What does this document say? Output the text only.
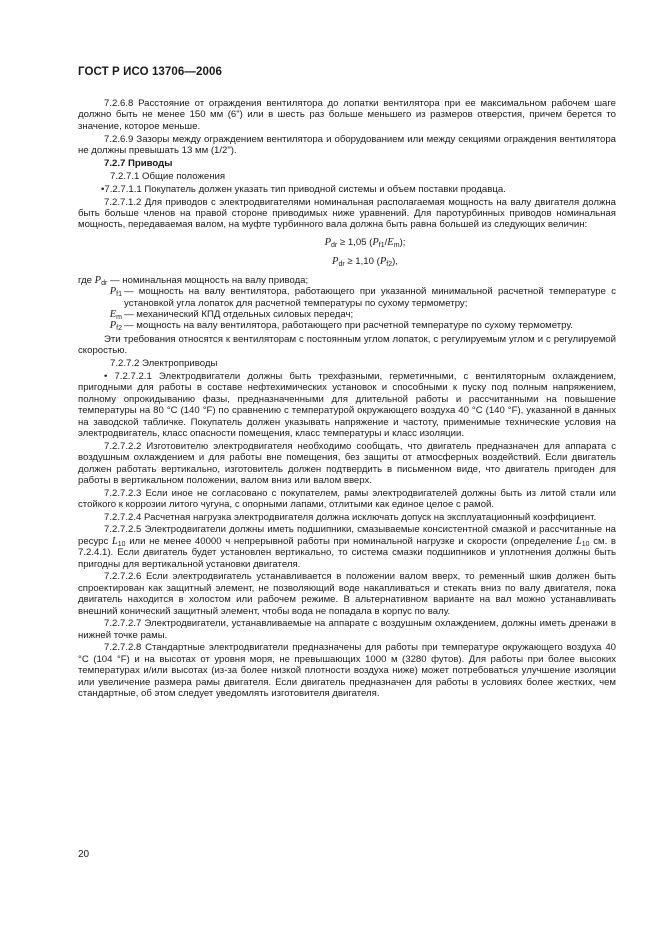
ГОСТ Р ИСО 13706—2006

7.2.6.8 Расстояние от ограждения вентилятора до лопатки вентилятора при ее максимальном рабочем шаге должно быть не менее 150 мм (6") или в шесть раз больше меньшего из размеров отверстия, причем берется то значение, которое меньше.

7.2.6.9 Зазоры между ограждением вентилятора и оборудованием или между секциями ограждения вентилятора не должны превышать 13 мм (1/2").

7.2.7 Приводы
7.2.7.1 Общие положения
•7.2.7.1.1 Покупатель должен указать тип приводной системы и объем поставки продавца.

7.2.7.1.2 Для приводов с электродвигателями номинальная располагаемая мощность на валу двигателя должна быть больше членов на правой стороне приводимых ниже уравнений. Для паротурбинных приводов номинальная мощность, передаваемая валом, на муфте турбинного вала должна быть равна большей из следующих величин:

$P_{dr} \ge 1,05$ $(P_{f1}/E_m)$;
$P_{dr} \ge 1,10$ $(P_{f2})$,
где $P_{dr}$ — номинальная мощность на валу привода;
$P_{f1}$ — мощность на валу вентилятора, работающего при указанной минимальной расчетной температуре с установкой угла лопаток для расчетной температуры по сухому термометру;
$E_m$ — механический КПД отдельных силовых передач;
$P_{f2}$ — мощность на валу вентилятора, работающего при расчетной температуре по сухому термометру.

Эти требования относятся к вентиляторам с постоянным углом лопаток, с регулируемым углом и с регулируемой скоростью.

7.2.7.2 Электроприводы

• 7.2.7.2.1 Электродвигатели должны быть трехфазными, герметичными, с вентиляторным охлаждением, пригодными для работы в составе нефтехимических установок и способными к пуску под полным напряжением, полному опрокидыванию фазы, предназначенными для длительной работы и рассчитанными на повышение температуры на 80 °C (140 °F) по сравнению с температурой окружающего воздуха 40 °C (140 °F), указанной в данных на заводской табличке. Покупатель должен указывать напряжение и частоту, применимые технические условия на электродвигатель, класс опасности помещения, класс температуры и класс изоляции.

7.2.7.2.2 Изготовителю электродвигателя необходимо сообщать, что двигатель предназначен для аппарата с воздушным охлаждением и для работы вне помещения, без защиты от атмосферных воздействий. Если двигатель должен работать вертикально, изготовитель должен подтвердить в письменном виде, что двигатель пригоден для работы в вертикальном положении, валом вниз или валом вверх.

7.2.7.2.3 Если иное не согласовано с покупателем, рамы электродвигателей должны быть из литой стали или стойкого к коррозии литого чугуна, с опорными лапами, отлитыми как единое целое с рамой.

7.2.7.2.4 Расчетная нагрузка электродвигателя должна исключать допуск на эксплуатационный коэффициент.

7.2.7.2.5 Электродвигатели должны иметь подшипники, смазываемые консистентной смазкой и рассчитанные на ресурс $L_{10}$ или не менее 40000 ч непрерывной работы при номинальной нагрузке и скорости (определение $L_{10}$ см. в 7.2.4.1). Если двигатель будет установлен вертикально, то система смазки подшипников и уплотнения должны быть пригодны для вертикальной установки двигателя.

7.2.7.2.6 Если электродвигатель устанавливается в положении валом вверх, то ременный шкив должен быть спроектирован как защитный элемент, не позволяющий воде накапливаться и стекать вниз по валу двигателя, пока двигатель находится в холостом или рабочем режиме. В альтернативном варианте на вал можно устанавливать внешний конический защитный элемент, чтобы вода не попадала в корпус по валу.

7.2.7.2.7 Электродвигатели, устанавливаемые на аппарате с воздушным охлаждением, должны иметь дренажи в нижней точке рамы.

7.2.7.2.8 Стандартные электродвигатели предназначены для работы при температуре окружающего воздуха 40 °C (104 °F) и на высотах от уровня моря, не превышающих 1000 м (3280 футов). Для работы при более высоких температурах и/или высотах (из-за более низкой плотности воздуха ниже) может потребоваться улучшение изоляции или увеличение размера рамы двигателя. Если двигатель предназначен для работы в условиях более жестких, чем стандартные, об этом следует уведомлять изготовителя двигателя.

20
